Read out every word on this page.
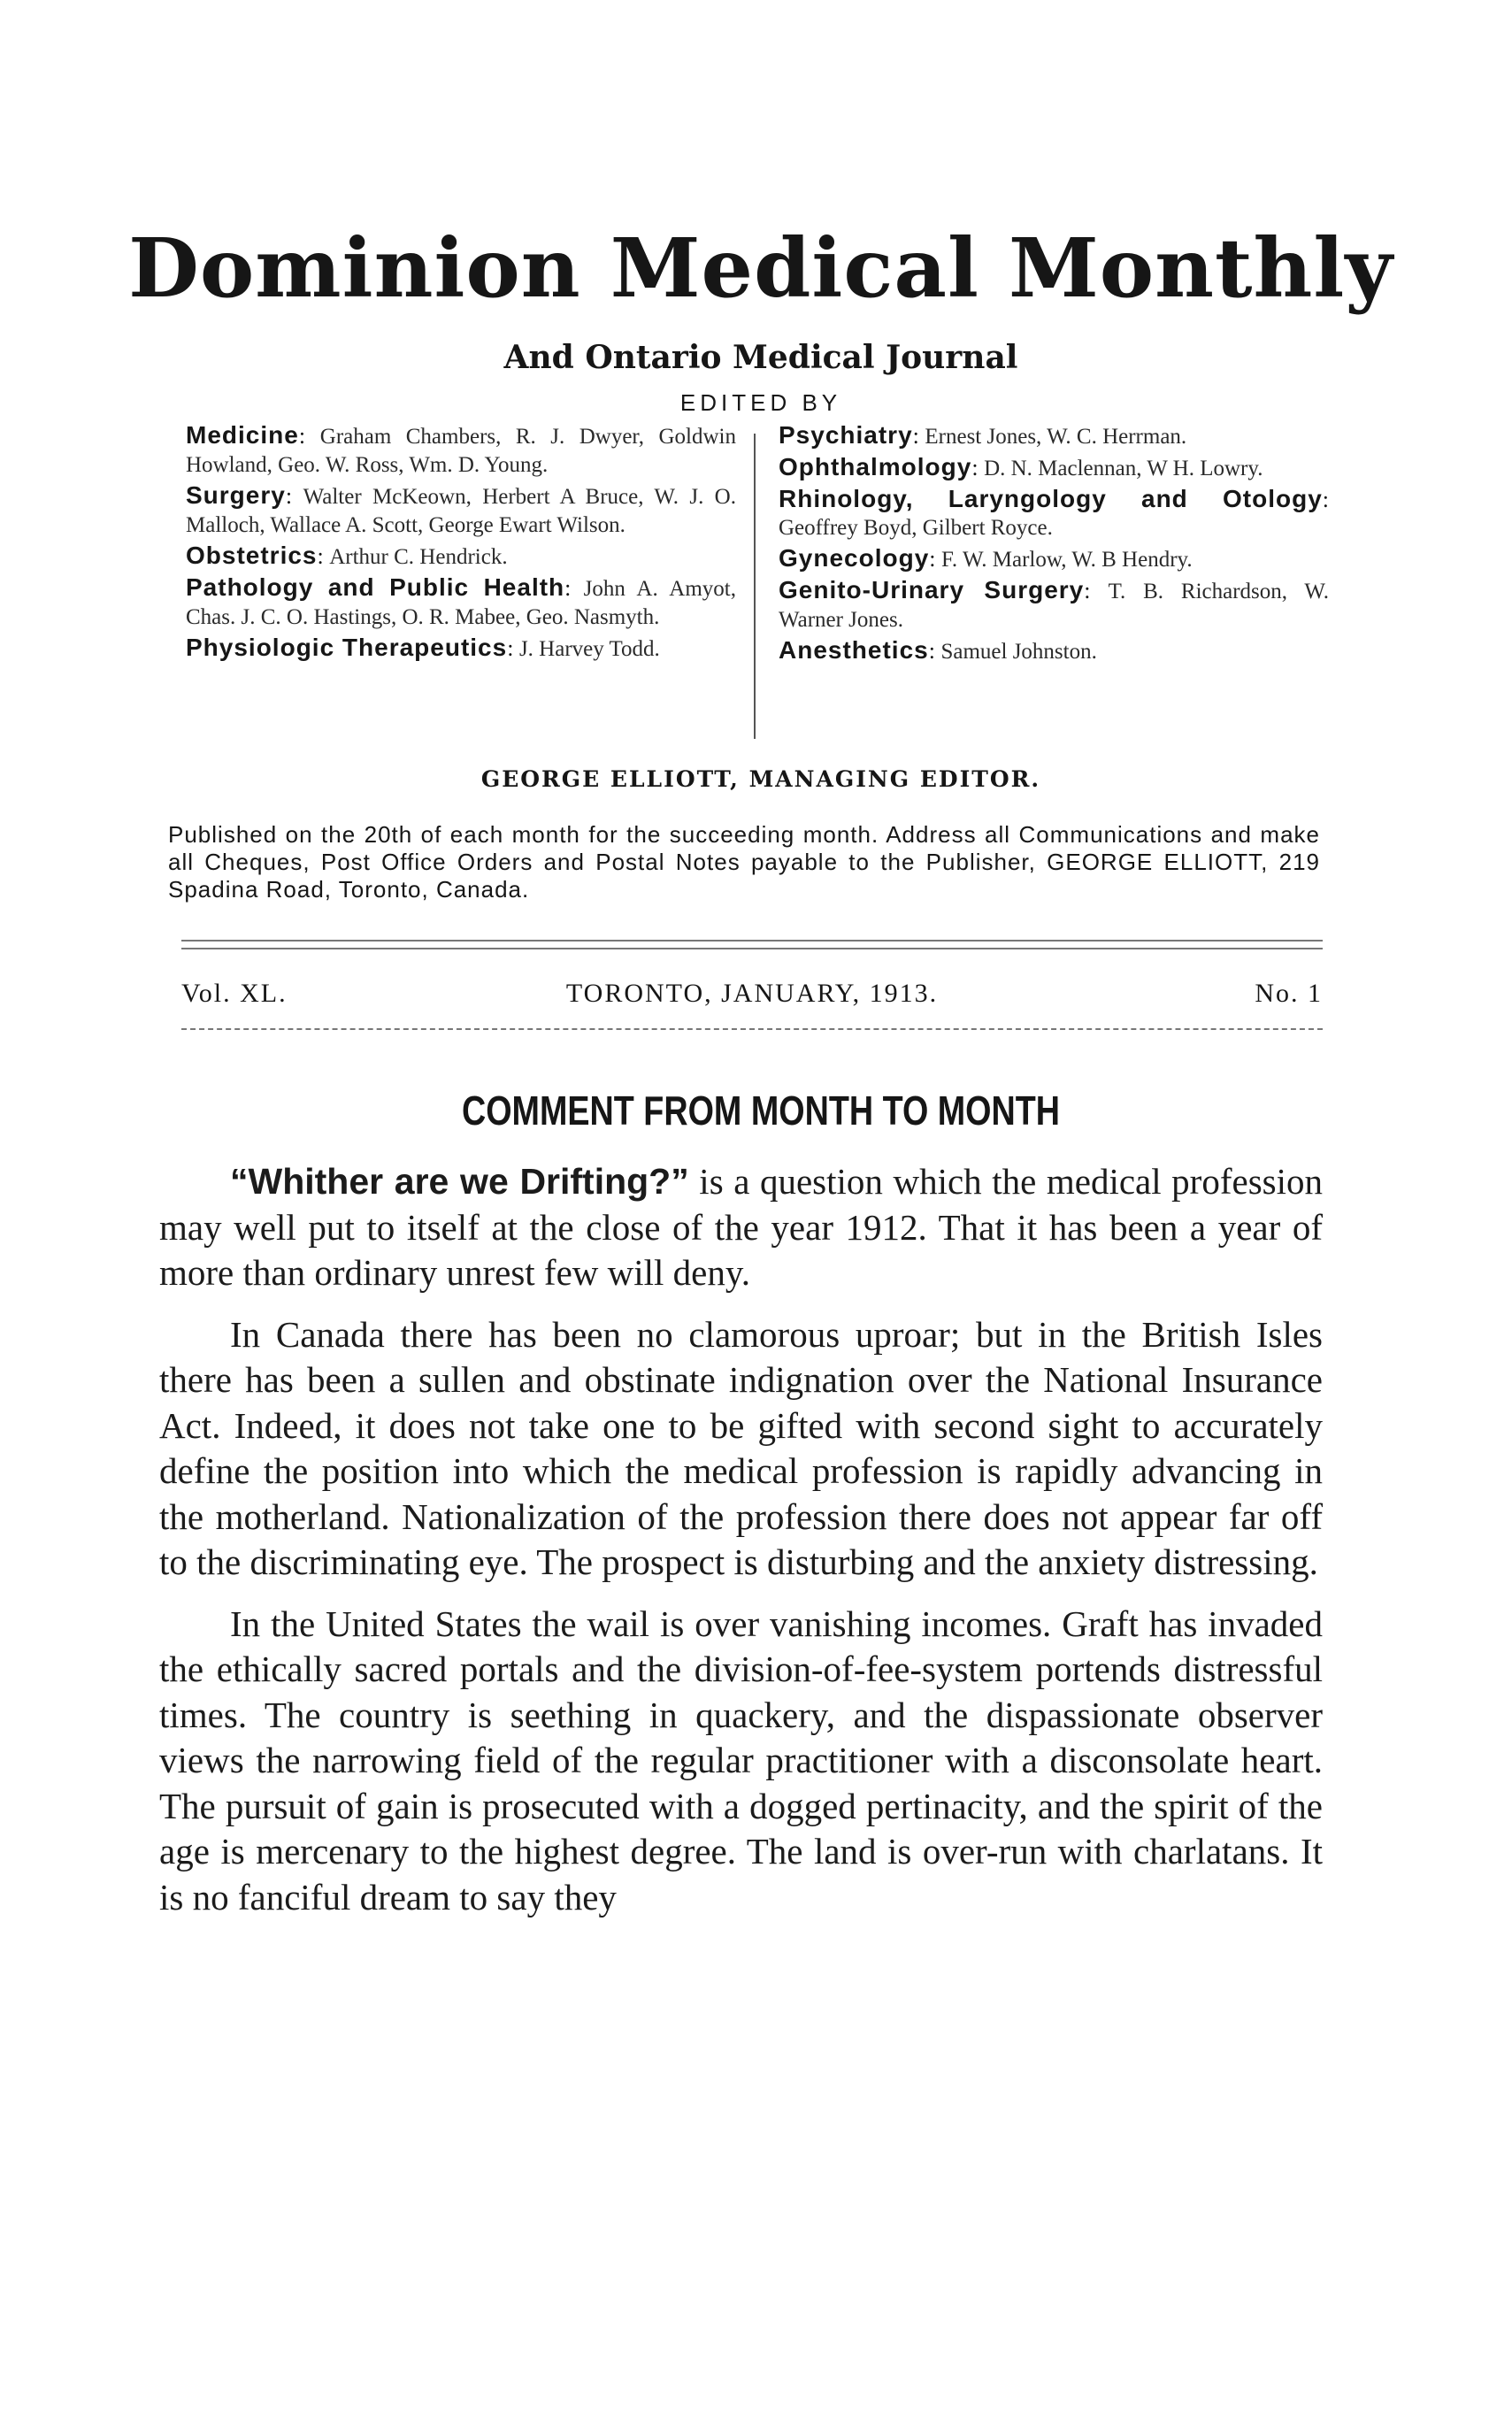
Dominion Medical Monthly
And Ontario Medical Journal
EDITED BY
Medicine: Graham Chambers, R. J. Dwyer, Goldwin Howland, Geo. W. Ross, Wm. D. Young.
Surgery: Walter McKeown, Herbert A Bruce, W. J. O. Malloch, Wallace A. Scott, George Ewart Wilson.
Obstetrics: Arthur C. Hendrick.
Pathology and Public Health: John A. Amyot, Chas. J. C. O. Hastings, O. R. Mabee, Geo. Nasmyth.
Physiologic Therapeutics: J. Harvey Todd.
Psychiatry: Ernest Jones, W. C. Herrman.
Ophthalmology: D. N. Maclennan, W H. Lowry.
Rhinology, Laryngology and Otology: Geoffrey Boyd, Gilbert Royce.
Gynecology: F. W. Marlow, W. B Hendry.
Genito-Urinary Surgery: T. B. Richardson, W. Warner Jones.
Anesthetics: Samuel Johnston.
GEORGE ELLIOTT, MANAGING EDITOR.
Published on the 20th of each month for the succeeding month. Address all Communications and make all Cheques, Post Office Orders and Postal Notes payable to the Publisher, GEORGE ELLIOTT, 219 Spadina Road, Toronto, Canada.
TORONTO, JANUARY, 1913.
Vol. XL.	No. 1
COMMENT FROM MONTH TO MONTH

“Whither are we Drifting?” is a question which the medical profession may well put to itself at the close of the year 1912. That it has been a year of more than ordinary unrest few will deny.

In Canada there has been no clamorous uproar; but in the British Isles there has been a sullen and obstinate indignation over the National Insurance Act. Indeed, it does not take one to be gifted with second sight to accurately define the position into which the medical profession is rapidly advancing in the motherland. Nationalization of the profession there does not appear far off to the discriminating eye. The prospect is disturbing and the anxiety distressing.

In the United States the wail is over vanishing incomes. Graft has invaded the ethically sacred portals and the division-of-fee-system portends distressful times. The country is seething in quackery, and the dispassionate observer views the narrowing field of the regular practitioner with a disconsolate heart. The pursuit of gain is prosecuted with a dogged pertinacity, and the spirit of the age is mercenary to the highest degree. The land is over-run with charlatans. It is no fanciful dream to say they
